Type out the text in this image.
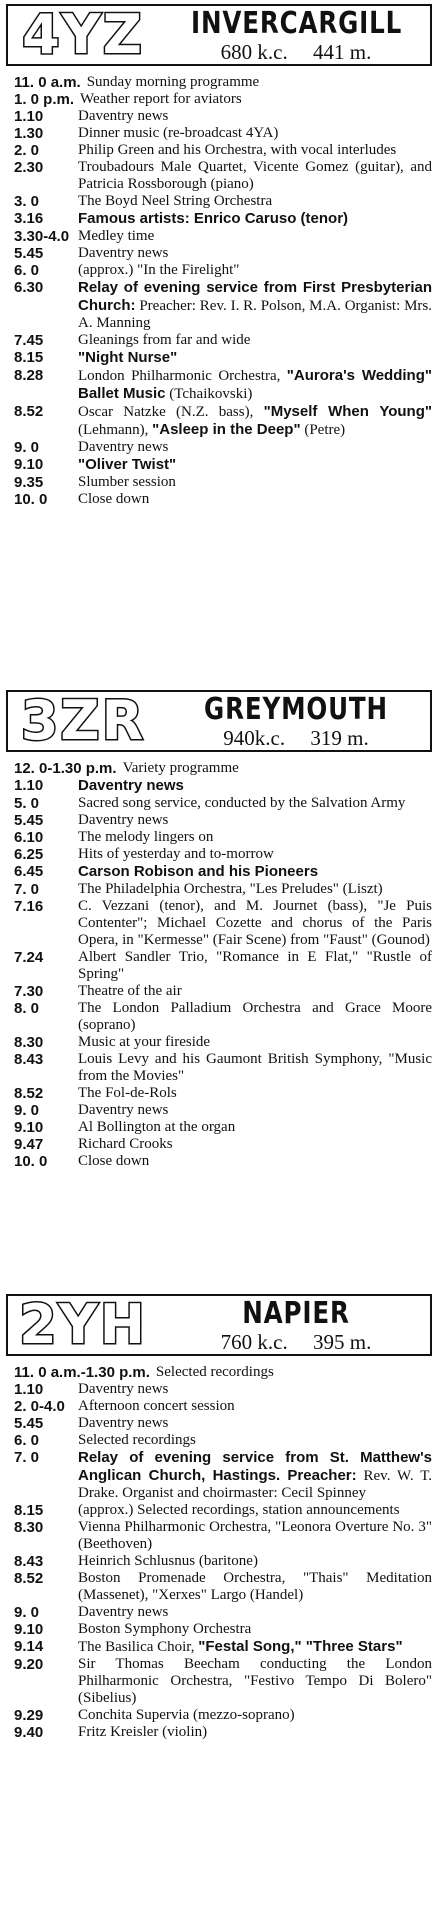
4YZ	INVERCARGILL
680 k.c. 441 m.
11. 0 a.m. Sunday morning programme
1. 0 p.m. Weather report for aviators
1.10	Daventry news
1.30	Dinner music (re-broadcast 4YA)
2. 0	Philip Green and his Orchestra, with vocal interludes
2.30	Troubadours Male Quartet, Vicente Gomez (guitar), and Patricia Rossborough (piano)
3. 0	The Boyd Neel String Orchestra
3.16	Famous artists: Enrico Caruso (tenor)
3.30-4.0 Medley time
5.45	Daventry news
6. 0	(approx.) "In the Firelight"
6.30	Relay of evening service from First Presbyterian Church: Preacher: Rev. I. R. Polson, M.A. Organist: Mrs. A. Manning
7.45	Gleanings from far and wide
8.15	"Night Nurse"
8.28	London Philharmonic Orchestra, "Aurora's Wedding" Ballet Music (Tchaikovski)
8.52	Oscar Natzke (N.Z. bass), "Myself When Young" (Lehmann), "Asleep in the Deep" (Petre)
9. 0	Daventry news
9.10	"Oliver Twist"
9.35	Slumber session
10. 0	Close down
3ZR	GREYMOUTH
940k.c. 319 m.
12. 0-1.30 p.m. Variety programme
1.10	Daventry news
5. 0	Sacred song service, conducted by the Salvation Army
5.45	Daventry news
6.10	The melody lingers on
6.25	Hits of yesterday and to-morrow
6.45	Carson Robison and his Pioneers
7. 0	The Philadelphia Orchestra, "Les Preludes" (Liszt)
7.16	C. Vezzani (tenor), and M. Journet (bass), "Je Puis Contenter"; Michael Cozette and chorus of the Paris Opera, in "Kermesse" (Fair Scene) from "Faust" (Gounod)
7.24	Albert Sandler Trio, "Romance in E Flat," "Rustle of Spring"
7.30	Theatre of the air
8. 0	The London Palladium Orchestra and Grace Moore (soprano)
8.30	Music at your fireside
8.43	Louis Levy and his Gaumont British Symphony, "Music from the Movies"
8.52	The Fol-de-Rols
9. 0	Daventry news
9.10	Al Bollington at the organ
9.47	Richard Crooks
10. 0	Close down
2YH	NAPIER
760 k.c. 395 m.
11. 0 a.m.-1.30 p.m. Selected recordings
1.10	Daventry news
2. 0-4.0 Afternoon concert session
5.45	Daventry news
6. 0	Selected recordings
7. 0	Relay of evening service from St. Matthew's Anglican Church, Hastings. Preacher: Rev. W. T. Drake. Organist and choirmaster: Cecil Spinney
8.15	(approx.) Selected recordings, station announcements
8.30	Vienna Philharmonic Orchestra, "Leonora Overture No. 3" (Beethoven)
8.43	Heinrich Schlusnus (baritone)
8.52	Boston Promenade Orchestra, "Thais" Meditation (Massenet), "Xerxes" Largo (Handel)
9. 0	Daventry news
9.10	Boston Symphony Orchestra
9.14	The Basilica Choir, "Festal Song," "Three Stars"
9.20	Sir Thomas Beecham conducting the London Philharmonic Orchestra, "Festivo Tempo Di Bolero" (Sibelius)
9.29	Conchita Supervia (mezzo-soprano)
9.40	Fritz Kreisler (violin)
